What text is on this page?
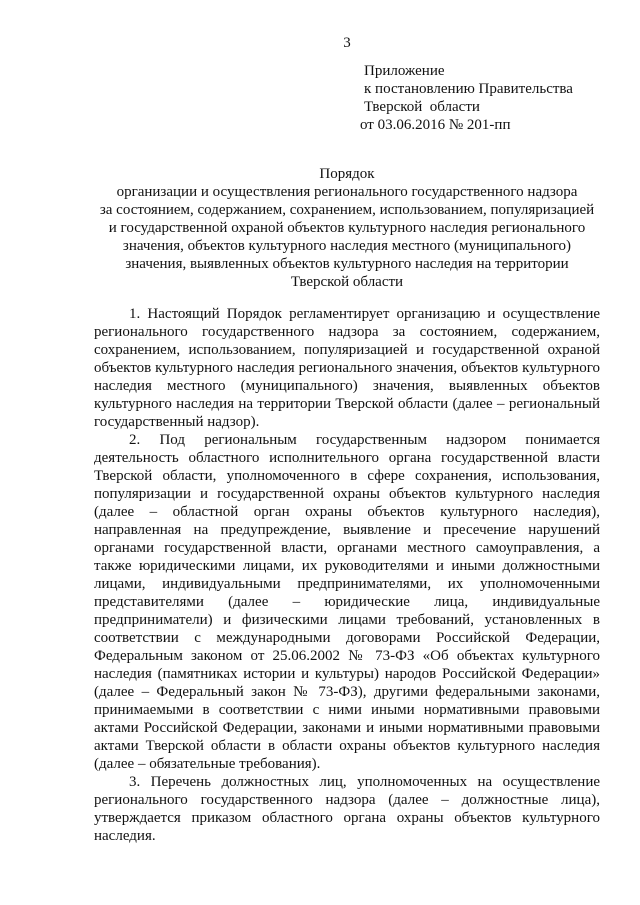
3
Приложение
к постановлению Правительства
Тверской  области
от 03.06.2016 № 201-пп
Порядок
организации и осуществления регионального государственного надзора
за состоянием, содержанием, сохранением, использованием, популяризацией
и государственной охраной объектов культурного наследия регионального
значения, объектов культурного наследия местного (муниципального)
значения, выявленных объектов культурного наследия на территории
Тверской области

1. Настоящий Порядок регламентирует организацию и осуществление регионального государственного надзора за состоянием, содержанием, сохранением, использованием, популяризацией и государственной охраной объектов культурного наследия регионального значения, объектов культурного наследия местного (муниципального) значения, выявленных объектов культурного наследия на территории Тверской области (далее – региональный государственный надзор).

2. Под региональным государственным надзором понимается деятельность областного исполнительного органа государственной власти Тверской области, уполномоченного в сфере сохранения, использования, популяризации и государственной охраны объектов культурного наследия (далее – областной орган охраны объектов культурного наследия), направленная на предупреждение, выявление и пресечение нарушений органами государственной власти, органами местного самоуправления, а также юридическими лицами, их руководителями и иными должностными лицами, индивидуальными предпринимателями, их уполномоченными представителями (далее – юридические лица, индивидуальные предприниматели) и физическими лицами требований, установленных в соответствии с международными договорами Российской Федерации, Федеральным законом от 25.06.2002 № 73-ФЗ «Об объектах культурного наследия (памятниках истории и культуры) народов Российской Федерации» (далее – Федеральный закон № 73-ФЗ), другими федеральными законами, принимаемыми в соответствии с ними иными нормативными правовыми актами Российской Федерации, законами и иными нормативными правовыми актами Тверской области в области охраны объектов культурного наследия (далее – обязательные требования).

3. Перечень должностных лиц, уполномоченных на осуществление регионального государственного надзора (далее – должностные лица), утверждается приказом областного органа охраны объектов культурного наследия.
